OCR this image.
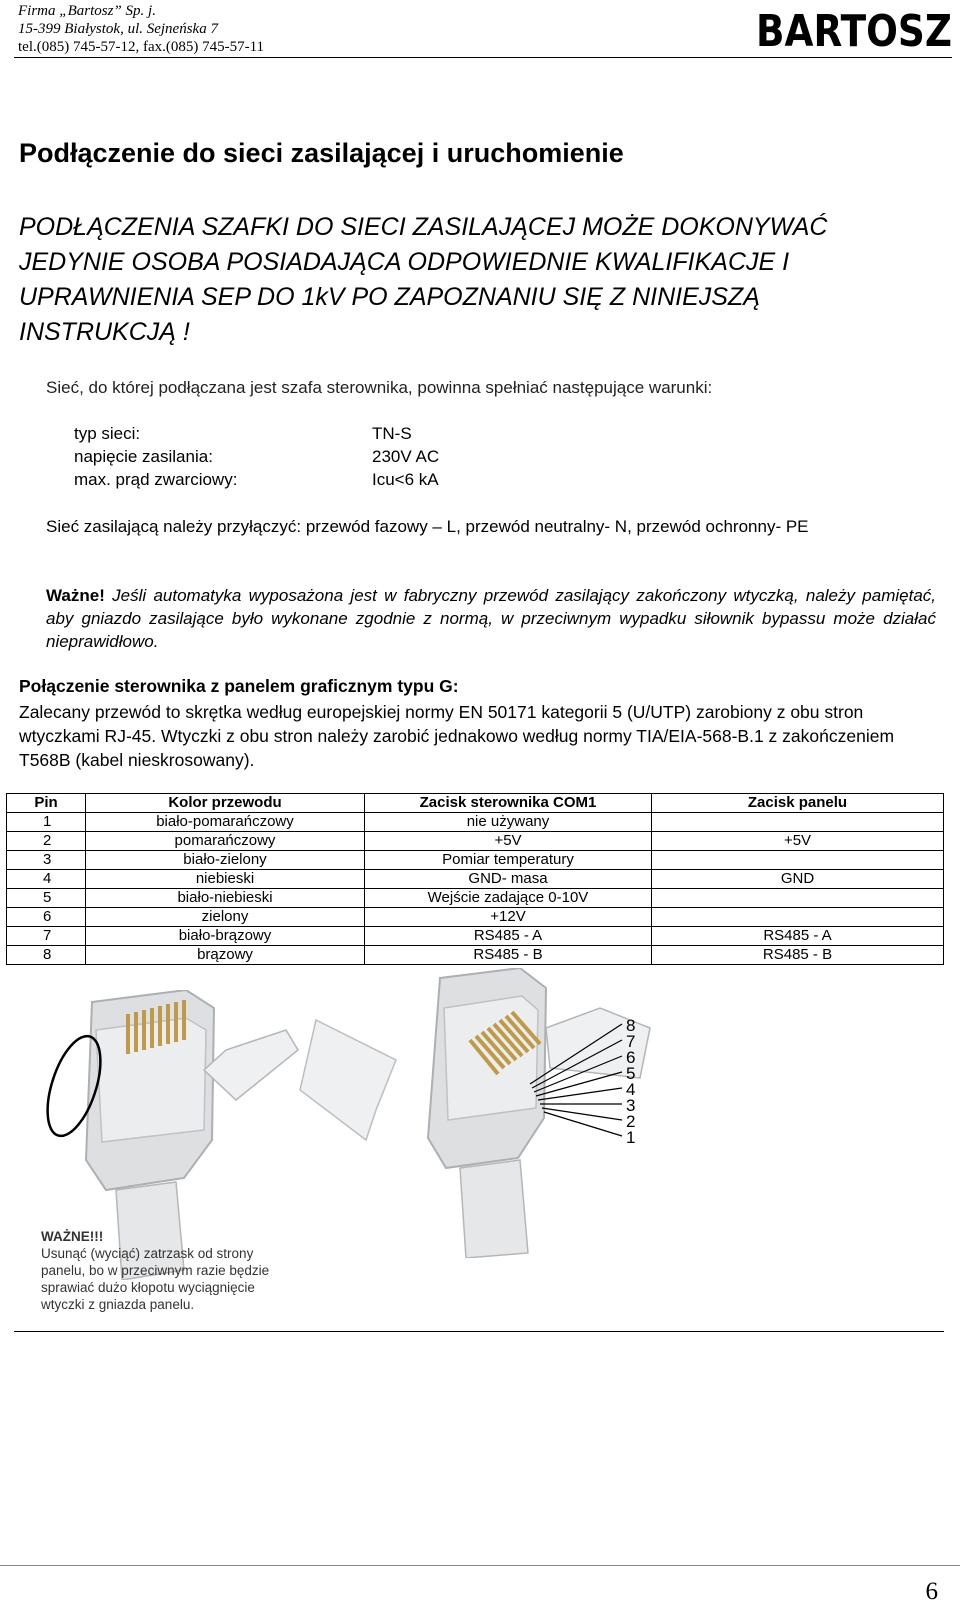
Firma „Bartosz” Sp. j.
15-399 Białystok, ul. Sejneńska 7
tel.(085) 745-57-12, fax.(085) 745-57-11	BARTOSZ
Podłączenie do sieci zasilającej i uruchomienie

PODŁĄCZENIA SZAFKI DO SIECI ZASILAJĄCEJ MOŻE DOKONYWAĆ JEDYNIE OSOBA POSIADAJĄCA ODPOWIEDNIE KWALIFIKACJE I UPRAWNIENIA SEP DO 1kV PO ZAPOZNANIU SIĘ Z NINIEJSZĄ INSTRUKCJĄ !

Sieć, do której podłączana jest szafa sterownika, powinna spełniać następujące warunki:

typ sieci:	TN-S
napięcie zasilania:	230V AC
max. prąd zwarciowy:	Icu<6 kA

Sieć zasilającą należy przyłączyć: przewód fazowy – L, przewód neutralny- N, przewód ochronny- PE

Ważne! Jeśli automatyka wyposażona jest w fabryczny przewód zasilający zakończony wtyczką, należy pamiętać, aby gniazdo zasilające było wykonane zgodnie z normą, w przeciwnym wypadku siłownik bypassu może działać nieprawidłowo.

Połączenie sterownika z panelem graficznym typu G:

Zalecany przewód to skrętka według europejskiej normy EN 50171 kategorii 5 (U/UTP) zarobiony z obu stron wtyczkami RJ-45. Wtyczki z obu stron należy zarobić jednakowo według normy TIA/EIA-568-B.1 z zakończeniem T568B (kabel nieskrosowany).

Pin	Kolor przewodu	Zacisk sterownika COM1	Zacisk panelu
1	biało-pomarańczowy	nie używany	
2	pomarańczowy	+5V	+5V
3	biało-zielony	Pomiar temperatury	
4	niebieski	GND- masa	GND
5	biało-niebieski	Wejście zadające 0-10V	
6	zielony	+12V	
7	biało-brązowy	RS485 - A	RS485 - A
8	brązowy	RS485 - B	RS485 - B
8
7
6
5
4
3
2
1
WAŻNE!!!
Usunąć (wyciąć) zatrzask od strony
panelu, bo w przeciwnym razie będzie
sprawiać dużo kłopotu wyciągnięcie
wtyczki z gniazda panelu.
6
